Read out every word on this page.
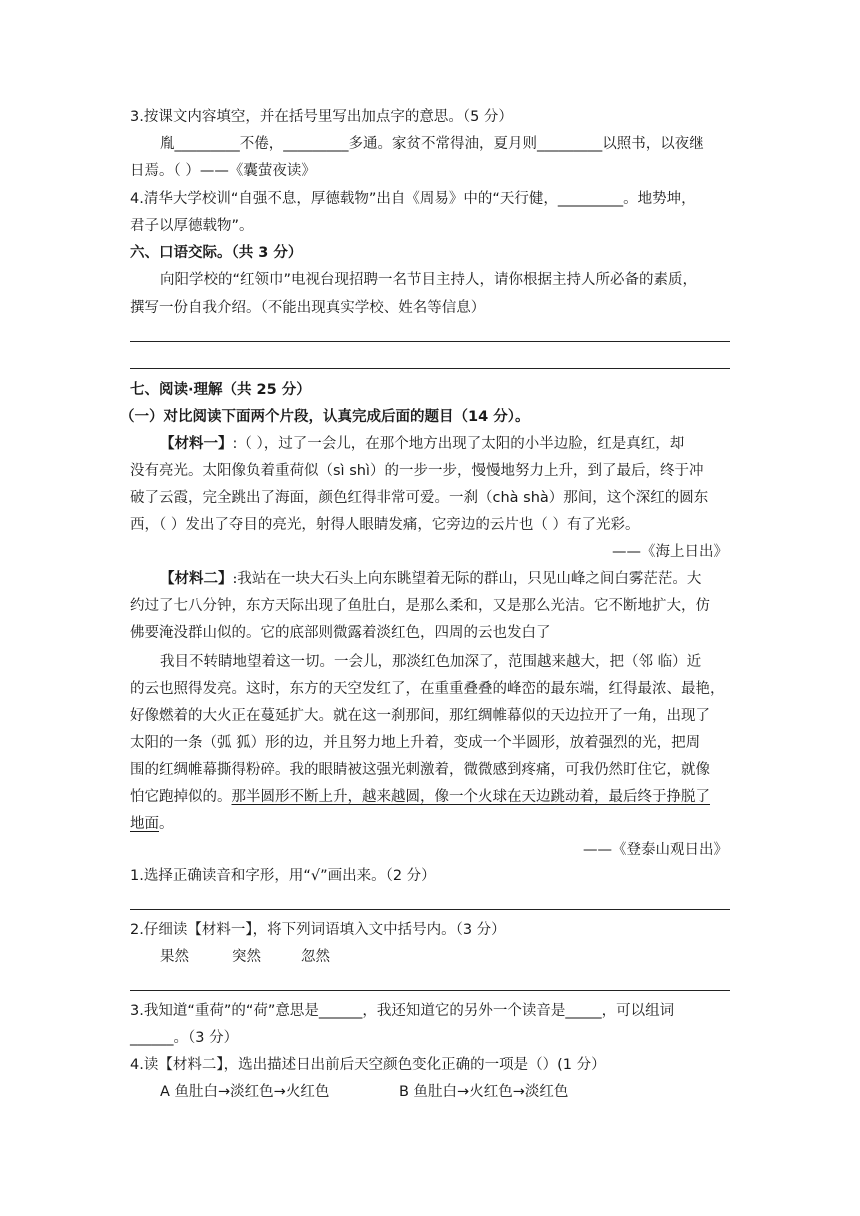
3.按课文内容填空，并在括号里写出加点字的意思。（5 分）
胤_________不倦，_________多通。家贫不常得油，夏月则_________以照书，以夜继
日焉。（ ）——《囊萤夜读》
4.清华大学校训“自强不息，厚德载物”出自《周易》中的“天行健，_________。地势坤，
君子以厚德载物”。
六、口语交际。（共 3 分）
向阳学校的“红领巾”电视台现招聘一名节目主持人，请你根据主持人所必备的素质，
撰写一份自我介绍。（不能出现真实学校、姓名等信息）
七、阅读·理解（共 25 分）
（一）对比阅读下面两个片段，认真完成后面的题目（14 分）。
【材料一】:（ ），过了一会儿，在那个地方出现了太阳的小半边脸，红是真红，却
没有亮光。太阳像负着重荷似（sì shì）的一步一步，慢慢地努力上升，到了最后，终于冲
破了云霞，完全跳出了海面，颜色红得非常可爱。一刹（chà shà）那间，这个深红的圆东
西，（ ）发出了夺目的亮光，射得人眼睛发痛，它旁边的云片也（ ）有了光彩。
——《海上日出》
【材料二】:我站在一块大石头上向东眺望着无际的群山，只见山峰之间白雾茫茫。大
约过了七八分钟，东方天际出现了鱼肚白，是那么柔和，又是那么光洁。它不断地扩大，仿
佛要淹没群山似的。它的底部则微露着淡红色，四周的云也发白了
我目不转睛地望着这一切。一会儿，那淡红色加深了，范围越来越大，把（邻 临）近
的云也照得发亮。这时，东方的天空发红了，在重重叠叠的峰峦的最东端，红得最浓、最艳，
好像燃着的大火正在蔓延扩大。就在这一刹那间，那红绸帷幕似的天边拉开了一角，出现了
太阳的一条（弧 狐）形的边，并且努力地上升着，变成一个半圆形，放着强烈的光，把周
围的红绸帷幕撕得粉碎。我的眼睛被这强光刺激着，微微感到疼痛，可我仍然盯住它，就像
怕它跑掉似的。那半圆形不断上升，越来越圆，像一个火球在天边跳动着，最后终于挣脱了
地面。
——《登泰山观日出》
1.选择正确读音和字形，用“√”画出来。（2 分）
2.仔细读【材料一】，将下列词语填入文中括号内。（3 分）
果然	突然	忽然
3.我知道“重荷”的“荷”意思是______，我还知道它的另外一个读音是_____，可以组词
______。（3 分）
4.读【材料二】，选出描述日出前后天空颜色变化正确的一项是（）(1 分）
A 鱼肚白→淡红色→火红色	B 鱼肚白→火红色→淡红色
